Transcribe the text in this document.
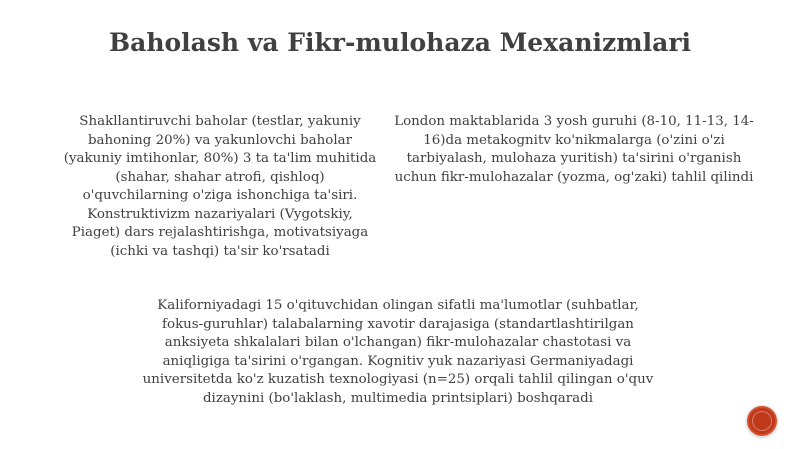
Baholash va Fikr-mulohaza Mexanizmlari
Shakllantiruvchi baholar (testlar, yakuniy bahoning 20%) va yakunlovchi baholar (yakuniy imtihonlar, 80%) 3 ta ta'lim muhitida (shahar, shahar atrofi, qishloq) o'quvchilarning o'ziga ishonchiga ta'siri. Konstruktivizm nazariyalari (Vygotskiy, Piaget) dars rejalashtirishga, motivatsiyaga (ichki va tashqi) ta'sir ko'rsatadi
London maktablarida 3 yosh guruhi (8-10, 11-13, 14-16)da metakognitv ko'nikmalarga (o'zini o'zi tarbiyalash, mulohaza yuritish) ta'sirini o'rganish uchun fikr-mulohazalar (yozma, og'zaki) tahlil qilindi
Kaliforniyadagi 15 o'qituvchidan olingan sifatli ma'lumotlar (suhbatlar, fokus-guruhlar) talabalarning xavotir darajasiga (standartlashtirilgan anksiyeta shkalalari bilan o'lchangan) fikr-mulohazalar chastotasi va aniqligiga ta'sirini o'rgangan. Kognitiv yuk nazariyasi Germaniyadagi universitetda ko'z kuzatish texnologiyasi (n=25) orqali tahlil qilingan o'quv dizaynini (bo'laklash, multimedia printsiplari) boshqaradi
